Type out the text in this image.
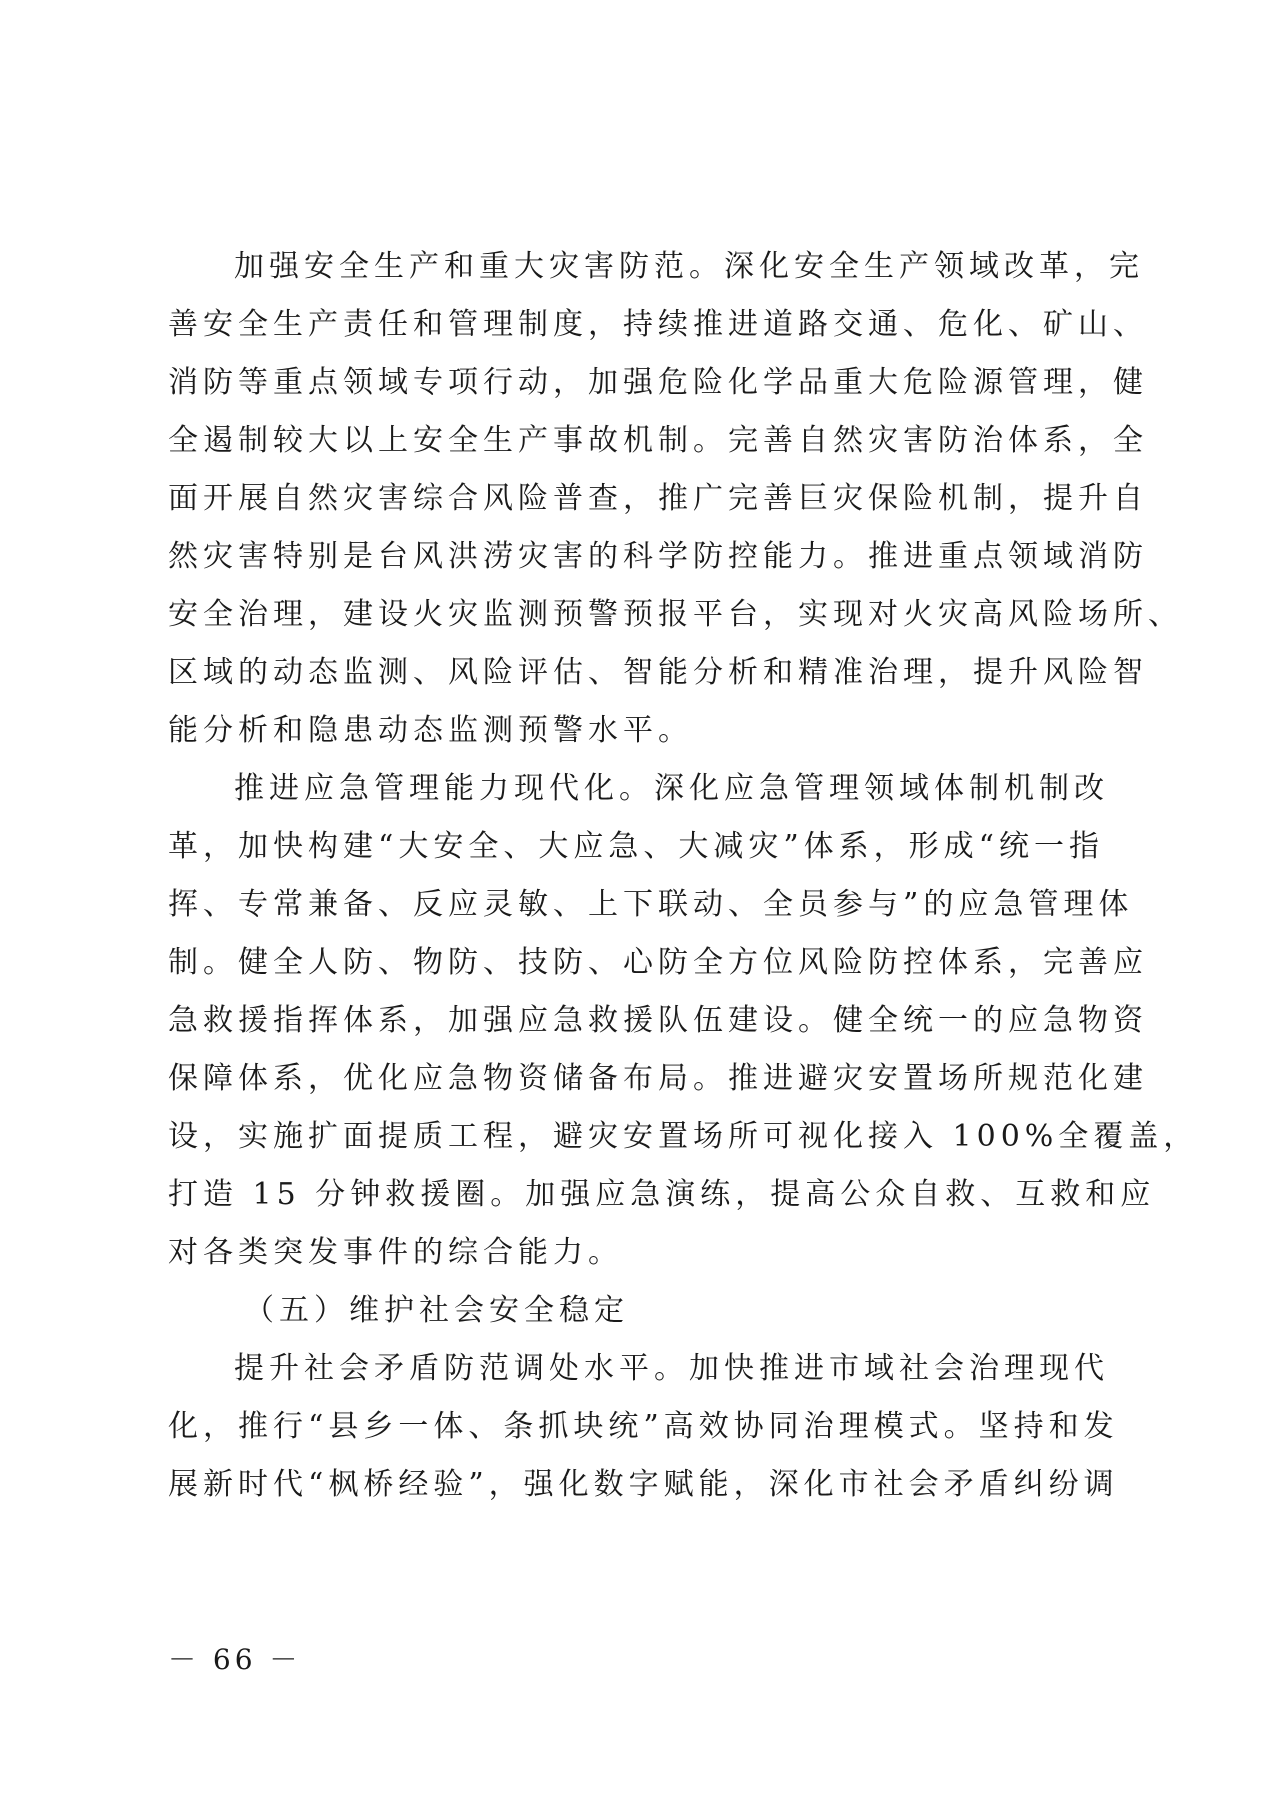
加强安全生产和重大灾害防范。深化安全生产领域改革，完
善安全生产责任和管理制度，持续推进道路交通、危化、矿山、
消防等重点领域专项行动，加强危险化学品重大危险源管理，健
全遏制较大以上安全生产事故机制。完善自然灾害防治体系，全
面开展自然灾害综合风险普查，推广完善巨灾保险机制，提升自
然灾害特别是台风洪涝灾害的科学防控能力。推进重点领域消防
安全治理，建设火灾监测预警预报平台，实现对火灾高风险场所、
区域的动态监测、风险评估、智能分析和精准治理，提升风险智
能分析和隐患动态监测预警水平。
推进应急管理能力现代化。深化应急管理领域体制机制改
革，加快构建“大安全、大应急、大减灾”体系，形成“统一指
挥、专常兼备、反应灵敏、上下联动、全员参与”的应急管理体
制。健全人防、物防、技防、心防全方位风险防控体系，完善应
急救援指挥体系，加强应急救援队伍建设。健全统一的应急物资
保障体系，优化应急物资储备布局。推进避灾安置场所规范化建
设，实施扩面提质工程，避灾安置场所可视化接入 100%全覆盖，
打造 15 分钟救援圈。加强应急演练，提高公众自救、互救和应
对各类突发事件的综合能力。
（五）维护社会安全稳定
提升社会矛盾防范调处水平。加快推进市域社会治理现代
化，推行“县乡一体、条抓块统”高效协同治理模式。坚持和发
展新时代“枫桥经验”，强化数字赋能，深化市社会矛盾纠纷调
－ 66 －
